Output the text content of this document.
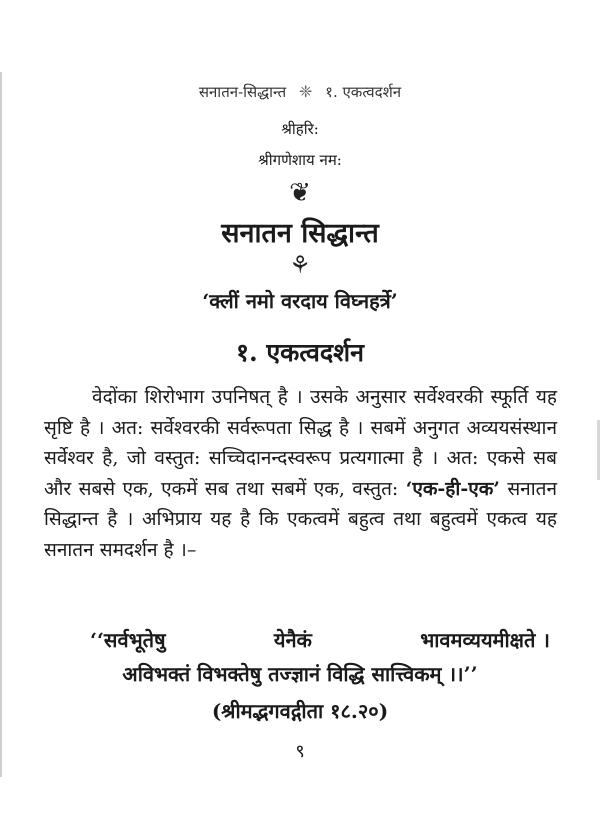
सनातन-सिद्धान्त ❈ १. एकत्वदर्शन
श्रीहरि:
श्रीगणेशाय नम:
❦
सनातन सिद्धान्त
⚘
‘क्लीं नमो वरदाय विघ्नहर्त्रे’
१. एकत्वदर्शन
वेदोंका शिरोभाग उपनिषत् है । उसके अनुसार सर्वेश्वरकी स्फूर्ति यह सृष्टि है । अत: सर्वेश्वरकी सर्वरूपता सिद्ध है । सबमें अनुगत अव्ययसंस्थान सर्वेश्वर है, जो वस्तुत: सच्चिदानन्दस्वरूप प्रत्यगात्मा है । अत: एकसे सब और सबसे एक, एकमें सब तथा सबमें एक, वस्तुत: ‘एक-ही-एक’ सनातन सिद्धान्त है । अभिप्राय यह है कि एकत्वमें बहुत्व तथा बहुत्वमें एकत्व यह सनातन समदर्शन है ।–
‘‘सर्वभूतेषु	येनैकं	भावमव्ययमीक्षते ।
अविभक्तं विभक्तेषु तज्ज्ञानं विद्धि सात्त्विकम् ।।’’
(श्रीमद्भगवद्गीता १८.२०)
९
